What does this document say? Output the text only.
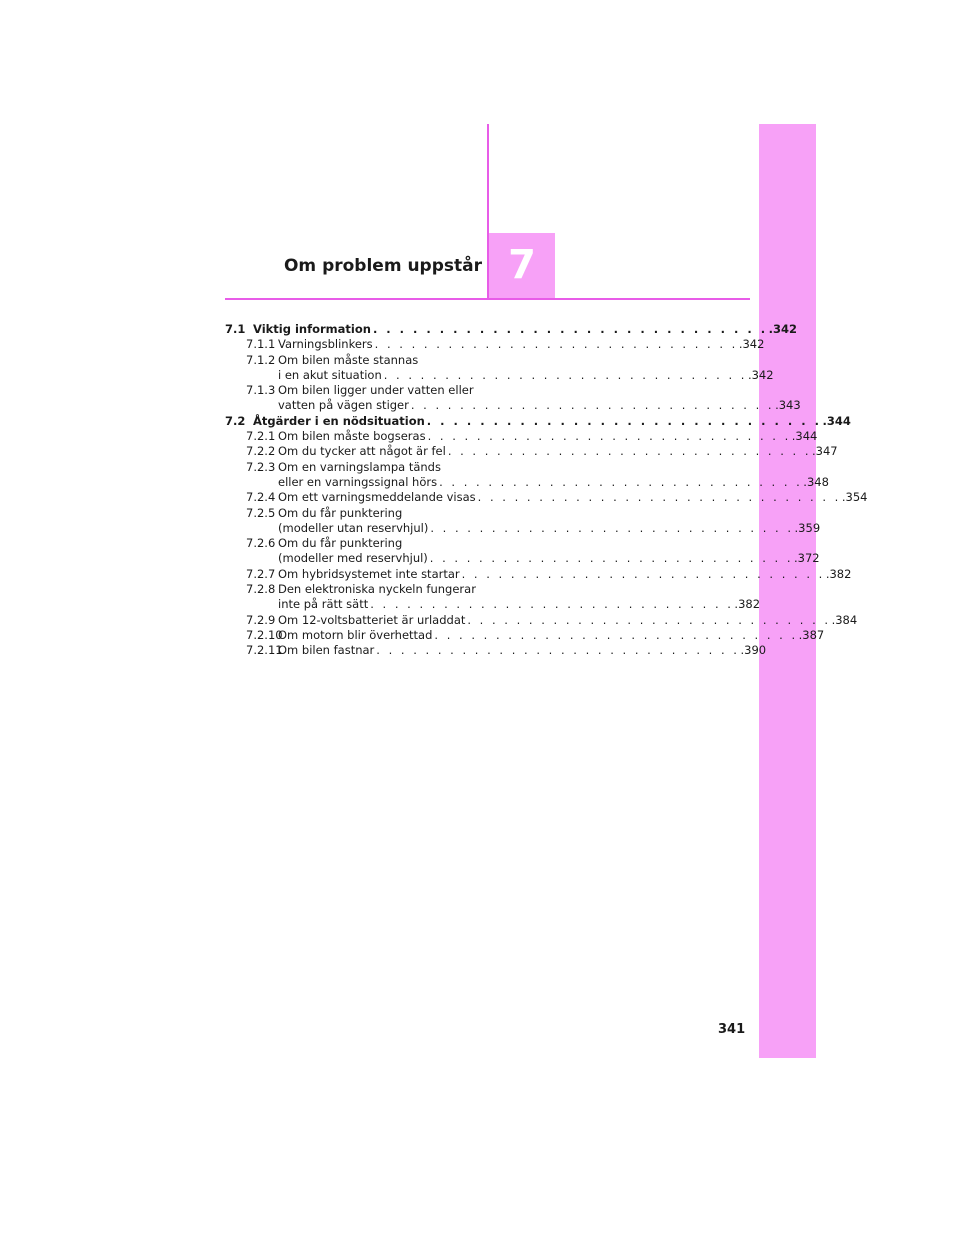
7
Om problem uppstår
7.1 Viktig information . . .	.342
7.1.1 Varningsblinkers . . .	.342
7.1.2 Om bilen måste stannas
i en akut situation . . .	.342
7.1.3 Om bilen ligger under vatten eller
vatten på vägen stiger . . .	.343
7.2 Åtgärder i en nödsituation . . .	.344
7.2.1 Om bilen måste bogseras . . .	.344
7.2.2 Om du tycker att något är fel . . .	.347
7.2.3 Om en varningslampa tänds
eller en varningssignal hörs . . .	.348
7.2.4 Om ett varningsmeddelande visas . . .	.354
7.2.5 Om du får punktering
(modeller utan reservhjul) . . .	.359
7.2.6 Om du får punktering
(modeller med reservhjul) . . .	.372
7.2.7 Om hybridsystemet inte startar . . .	.382
7.2.8 Den elektroniska nyckeln fungerar
inte på rätt sätt . . .	.382
7.2.9 Om 12-voltsbatteriet är urladdat . . .	.384
7.2.10
Om motorn blir överhettad . . .	.387
7.2.11
Om bilen fastnar . . .	.390
341
